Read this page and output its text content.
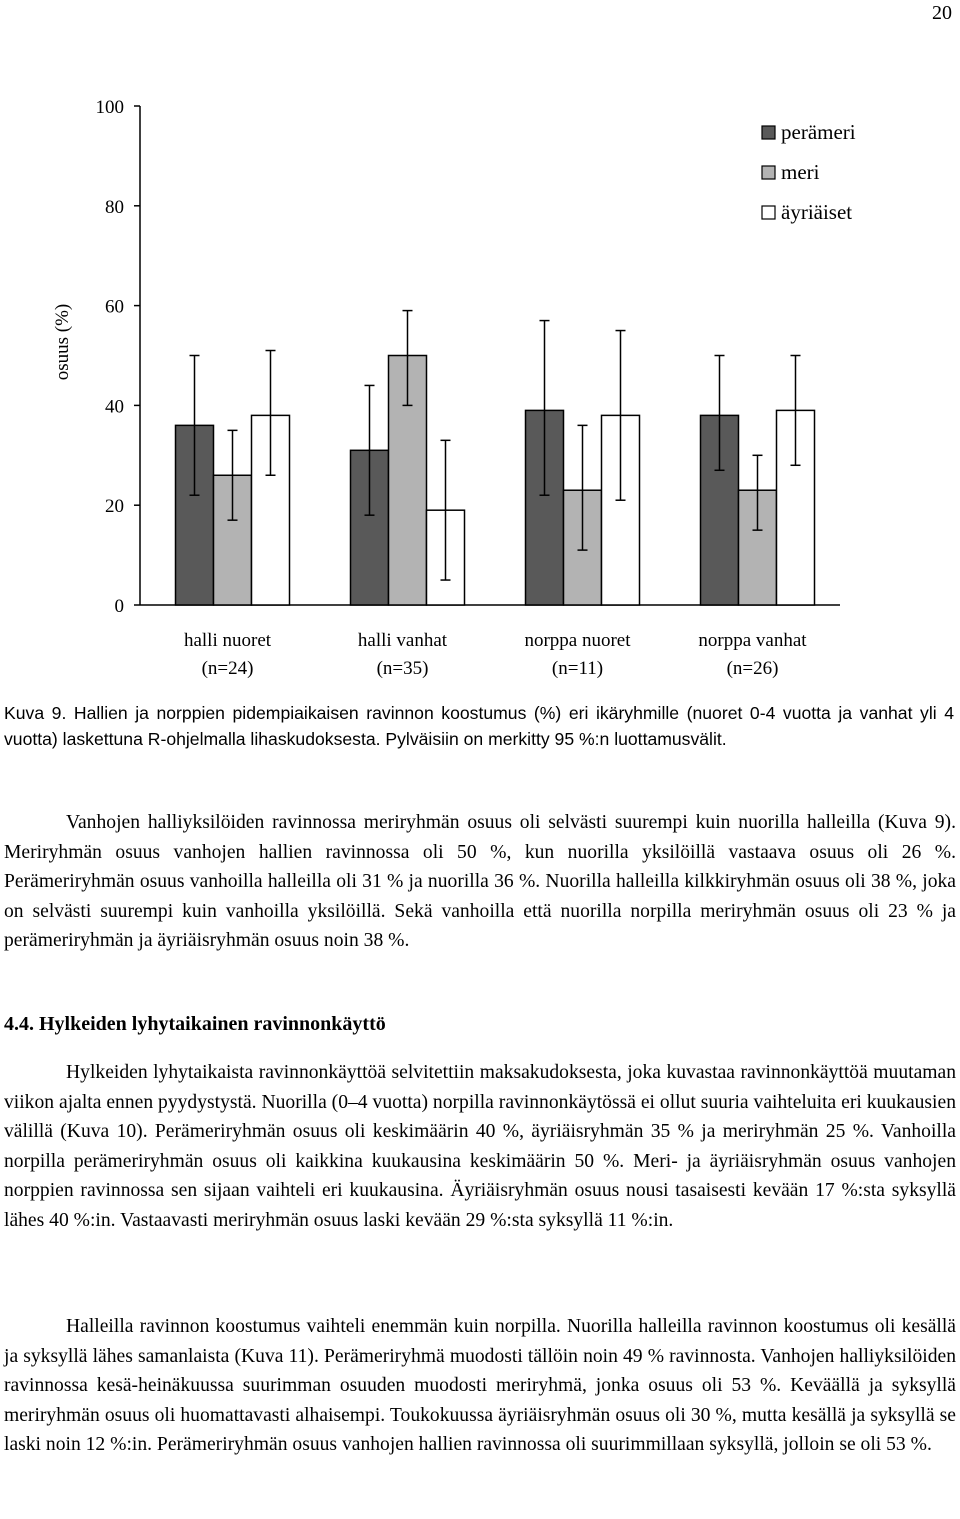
20
0
20
40
60
80
100
osuus (%)
halli nuoret
(n=24)
halli vanhat
(n=35)
norppa nuoret
(n=11)
norppa vanhat
(n=26)
perämeri
meri
äyriäiset
Kuva 9. Hallien ja norppien pidempiaikaisen ravinnon koostumus (%) eri ikäryhmille (nuoret 0-4 vuotta ja vanhat yli 4 vuotta) laskettuna R-ohjelmalla lihaskudoksesta. Pylväisiin on merkitty 95 %:n luottamusvälit.

Vanhojen halliyksilöiden ravinnossa meriryhmän osuus oli selvästi suurempi kuin nuorilla halleilla (Kuva 9). Meriryhmän osuus vanhojen hallien ravinnossa oli 50 %, kun nuorilla yksilöillä vastaava osuus oli 26 %. Perämeriryhmän osuus vanhoilla halleilla oli 31 % ja nuorilla 36 %. Nuorilla halleilla kilkkiryhmän osuus oli 38 %, joka on selvästi suurempi kuin vanhoilla yksilöillä. Sekä vanhoilla että nuorilla norpilla meriryhmän osuus oli 23 % ja perämeriryhmän ja äyriäisryhmän osuus noin 38 %.

4.4. Hylkeiden lyhytaikainen ravinnonkäyttö

Hylkeiden lyhytaikaista ravinnonkäyttöä selvitettiin maksakudoksesta, joka kuvastaa ravinnonkäyttöä muutaman viikon ajalta ennen pyydystystä. Nuorilla (0–4 vuotta) norpilla ravinnonkäytössä ei ollut suuria vaihteluita eri kuukausien välillä (Kuva 10). Perämeriryhmän osuus oli keskimäärin 40 %, äyriäisryhmän 35 % ja meriryhmän 25 %. Vanhoilla norpilla perämeriryhmän osuus oli kaikkina kuukausina keskimäärin 50 %. Meri- ja äyriäisryhmän osuus vanhojen norppien ravinnossa sen sijaan vaihteli eri kuukausina. Äyriäisryhmän osuus nousi tasaisesti kevään 17 %:sta syksyllä lähes 40 %:in. Vastaavasti meriryhmän osuus laski kevään 29 %:sta syksyllä 11 %:in.

Halleilla ravinnon koostumus vaihteli enemmän kuin norpilla. Nuorilla halleilla ravinnon koostumus oli kesällä ja syksyllä lähes samanlaista (Kuva 11). Perämeriryhmä muodosti tällöin noin 49 % ravinnosta. Vanhojen halliyksilöiden ravinnossa kesä-heinäkuussa suurimman osuuden muodosti meriryhmä, jonka osuus oli 53 %. Keväällä ja syksyllä meriryhmän osuus oli huomattavasti alhaisempi. Toukokuussa äyriäisryhmän osuus oli 30 %, mutta kesällä ja syksyllä se laski noin 12 %:in. Perämeriryhmän osuus vanhojen hallien ravinnossa oli suurimmillaan syksyllä, jolloin se oli 53 %.
